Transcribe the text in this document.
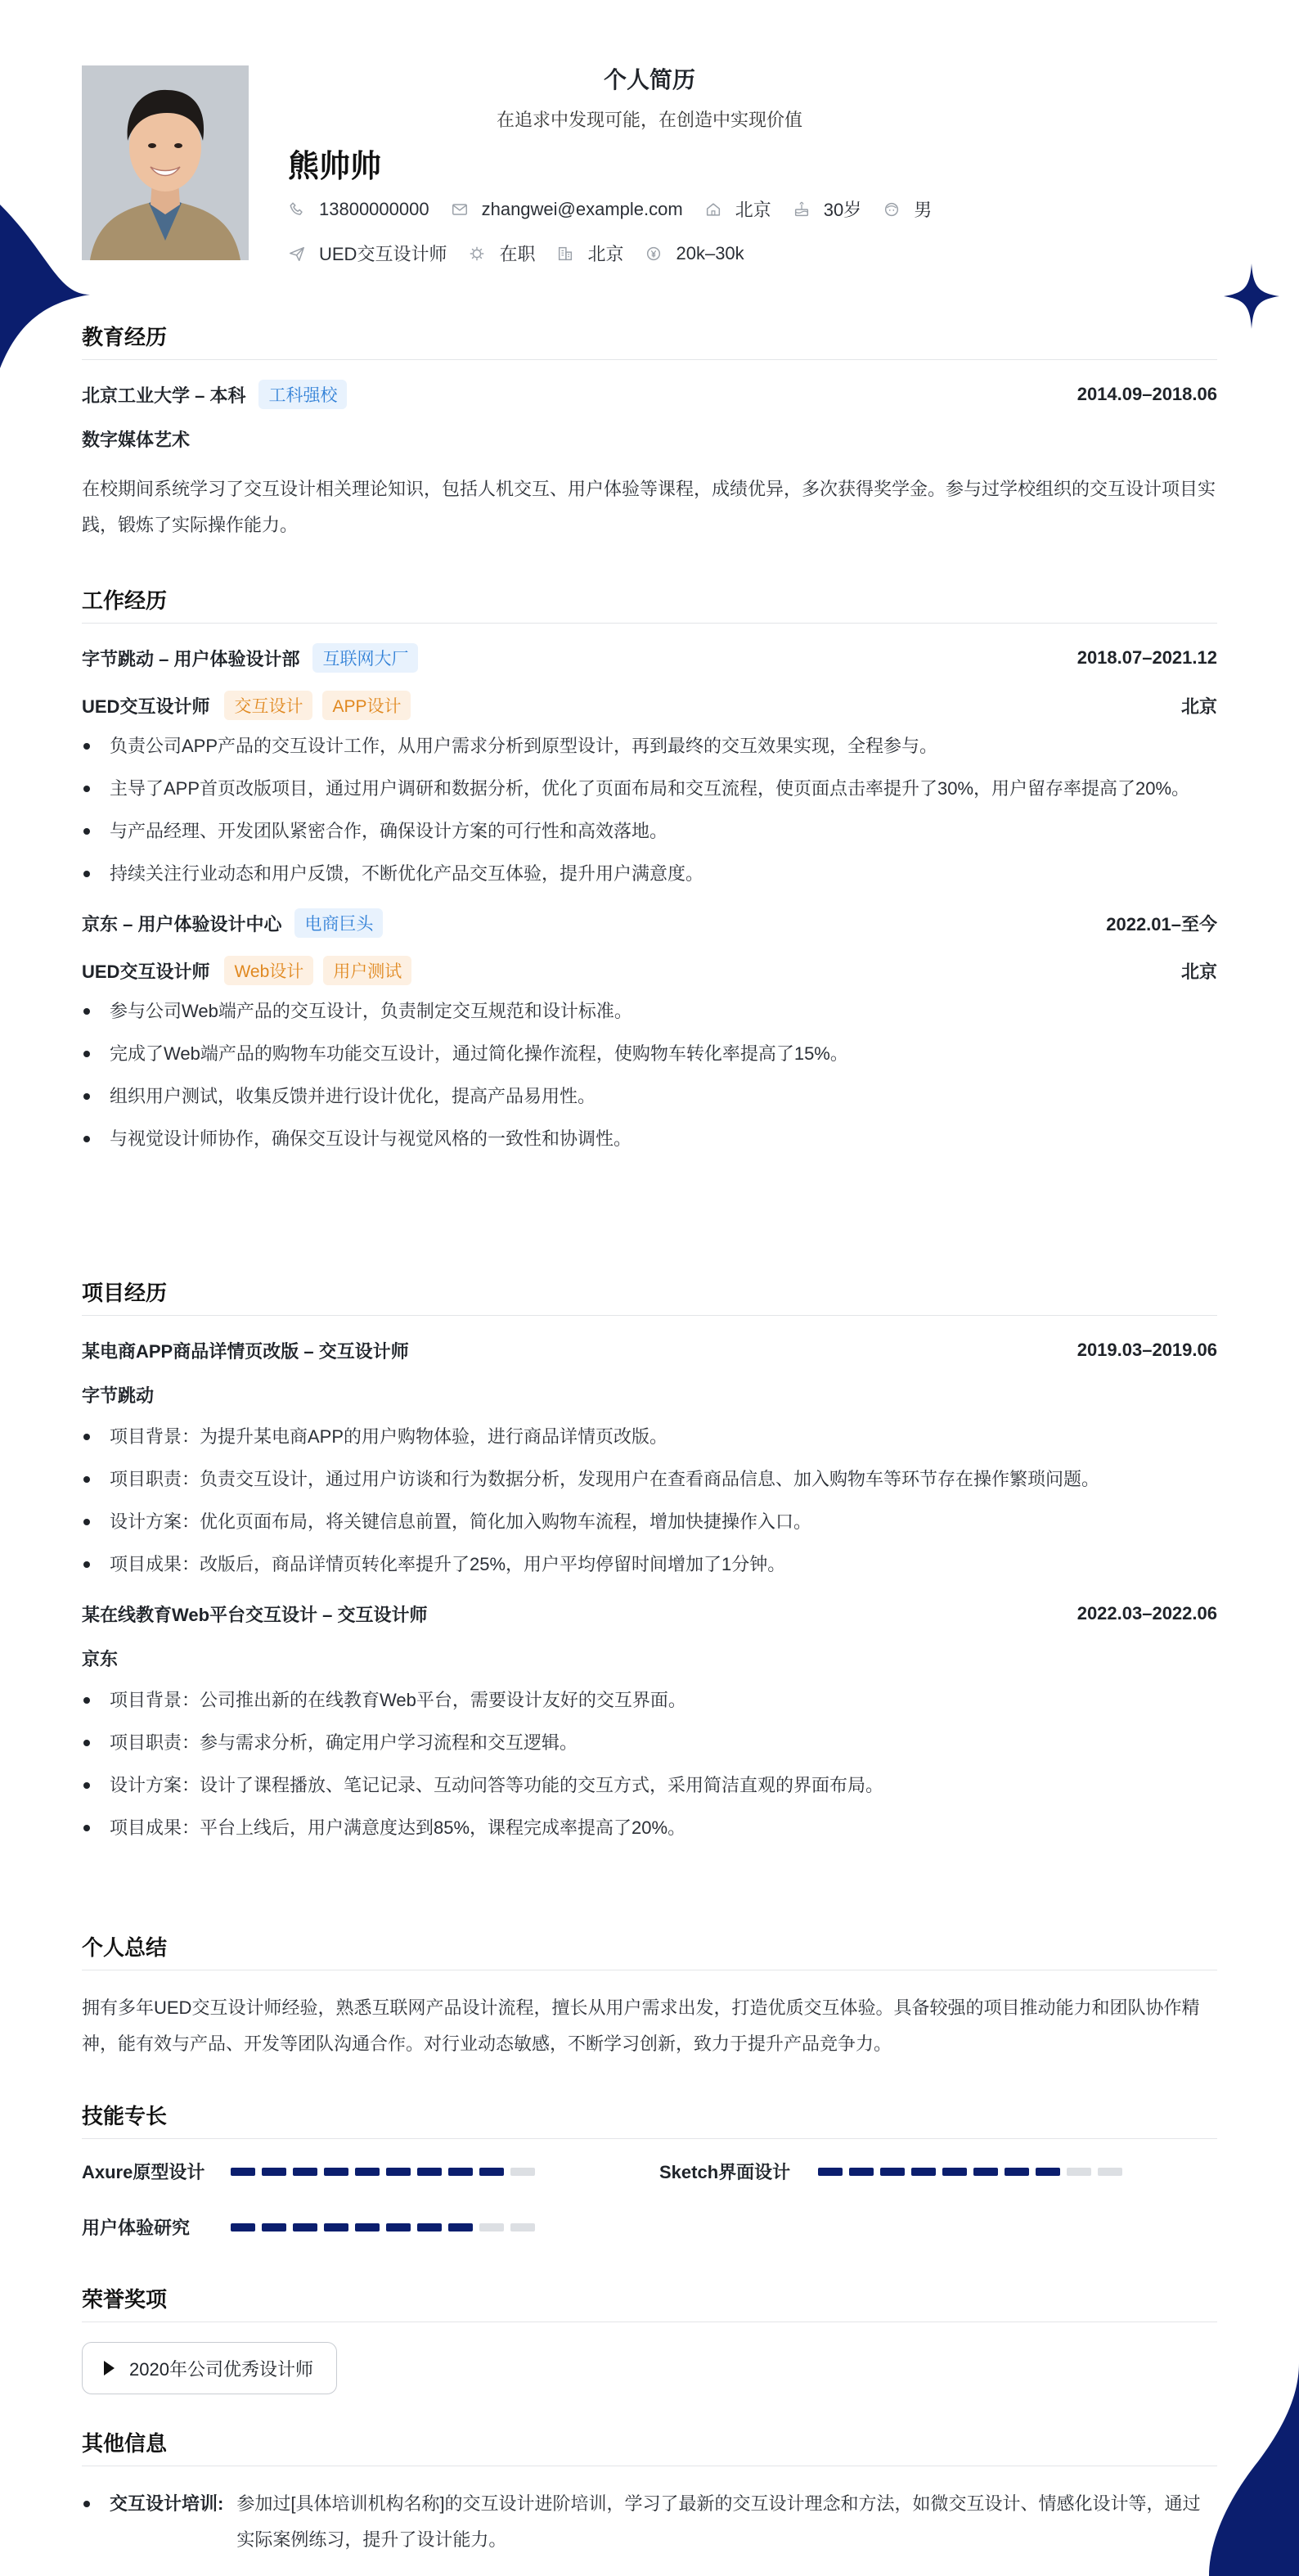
个人简历
在追求中发现可能，在创造中实现价值
熊帅帅
13800000000	zhangwei@example.com	北京	30岁	男
UED交互设计师	在职	北京	20k–30k
教育经历
北京工业大学 – 本科	工科强校	2014.09–2018.06
数字媒体艺术

在校期间系统学习了交互设计相关理论知识，包括人机交互、用户体验等课程，成绩优异，多次获得奖学金。参与过学校组织的交互设计项目实践，锻炼了实际操作能力。

工作经历
字节跳动 – 用户体验设计部	互联网大厂	2018.07–2021.12
UED交互设计师	交互设计	APP设计	北京
负责公司APP产品的交互设计工作，从用户需求分析到原型设计，再到最终的交互效果实现，全程参与。
主导了APP首页改版项目，通过用户调研和数据分析，优化了页面布局和交互流程，使页面点击率提升了30%，用户留存率提高了20%。
与产品经理、开发团队紧密合作，确保设计方案的可行性和高效落地。
持续关注行业动态和用户反馈，不断优化产品交互体验，提升用户满意度。
京东 – 用户体验设计中心	电商巨头	2022.01–至今
UED交互设计师	Web设计	用户测试	北京
参与公司Web端产品的交互设计，负责制定交互规范和设计标准。
完成了Web端产品的购物车功能交互设计，通过简化操作流程，使购物车转化率提高了15%。
组织用户测试，收集反馈并进行设计优化，提高产品易用性。
与视觉设计师协作，确保交互设计与视觉风格的一致性和协调性。
项目经历
某电商APP商品详情页改版 – 交互设计师	2019.03–2019.06
字节跳动
项目背景：为提升某电商APP的用户购物体验，进行商品详情页改版。
项目职责：负责交互设计，通过用户访谈和行为数据分析，发现用户在查看商品信息、加入购物车等环节存在操作繁琐问题。
设计方案：优化页面布局，将关键信息前置，简化加入购物车流程，增加快捷操作入口。
项目成果：改版后，商品详情页转化率提升了25%，用户平均停留时间增加了1分钟。
某在线教育Web平台交互设计 – 交互设计师	2022.03–2022.06
京东
项目背景：公司推出新的在线教育Web平台，需要设计友好的交互界面。
项目职责：参与需求分析，确定用户学习流程和交互逻辑。
设计方案：设计了课程播放、笔记记录、互动问答等功能的交互方式，采用简洁直观的界面布局。
项目成果：平台上线后，用户满意度达到85%，课程完成率提高了20%。
个人总结

拥有多年UED交互设计师经验，熟悉互联网产品设计流程，擅长从用户需求出发，打造优质交互体验。具备较强的项目推动能力和团队协作精神，能有效与产品、开发等团队沟通合作。对行业动态敏感，不断学习创新，致力于提升产品竞争力。

技能专长
Axure原型设计	Sketch界面设计
用户体验研究
荣誉奖项
2020年公司优秀设计师
其他信息
交互设计培训: 参加过[具体培训机构名称]的交互设计进阶培训，学习了最新的交互设计理念和方法，如微交互设计、情感化设计等，通过实际案例练习，提升了设计能力。
